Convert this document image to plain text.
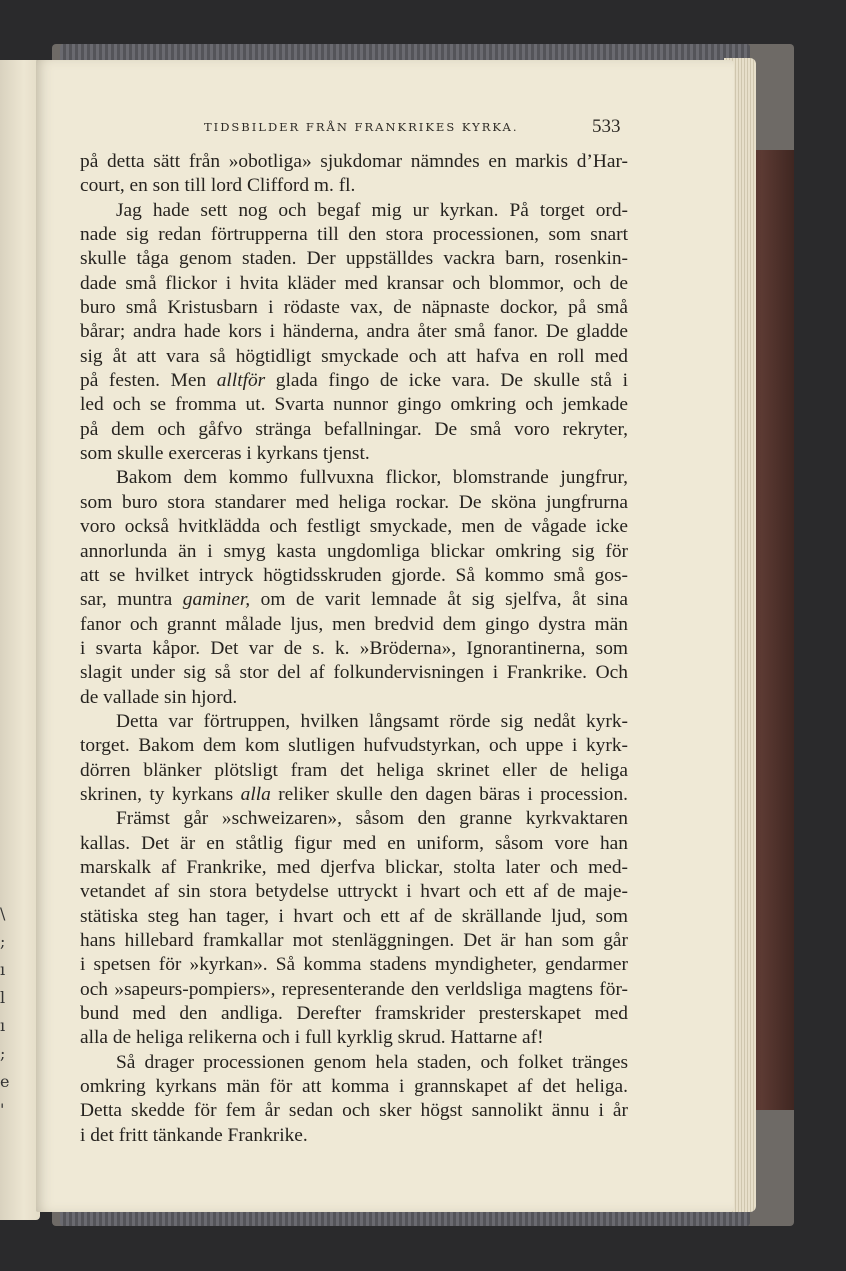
\
;
ı
l
ı
;
e
'
TIDSBILDER FRÅN FRANKRIKES KYRKA.	533
på detta sätt från »obotliga» sjukdomar nämndes en markis d’Har-
court, en son till lord Clifford m. fl.
Jag hade sett nog och begaf mig ur kyrkan. På torget ord-
nade sig redan förtrupperna till den stora processionen, som snart
skulle tåga genom staden. Der uppställdes vackra barn, rosenkin-
dade små flickor i hvita kläder med kransar och blommor, och de
buro små Kristusbarn i rödaste vax, de näpnaste dockor, på små
bårar; andra hade kors i händerna, andra åter små fanor. De gladde
sig åt att vara så högtidligt smyckade och att hafva en roll med
på festen. Men alltför glada fingo de icke vara. De skulle stå i
led och se fromma ut. Svarta nunnor gingo omkring och jemkade
på dem och gåfvo stränga befallningar. De små voro rekryter,
som skulle exerceras i kyrkans tjenst.
Bakom dem kommo fullvuxna flickor, blomstrande jungfrur,
som buro stora standarer med heliga rockar. De sköna jungfrurna
voro också hvitklädda och festligt smyckade, men de vågade icke
annorlunda än i smyg kasta ungdomliga blickar omkring sig för
att se hvilket intryck högtidsskruden gjorde. Så kommo små gos-
sar, muntra gaminer, om de varit lemnade åt sig sjelfva, åt sina
fanor och grannt målade ljus, men bredvid dem gingo dystra män
i svarta kåpor. Det var de s. k. »Bröderna», Ignorantinerna, som
slagit under sig så stor del af folkundervisningen i Frankrike. Och
de vallade sin hjord.
Detta var förtruppen, hvilken långsamt rörde sig nedåt kyrk-
torget. Bakom dem kom slutligen hufvudstyrkan, och uppe i kyrk-
dörren blänker plötsligt fram det heliga skrinet eller de heliga
skrinen, ty kyrkans alla reliker skulle den dagen bäras i procession.
Främst går »schweizaren», såsom den granne kyrkvaktaren
kallas. Det är en ståtlig figur med en uniform, såsom vore han
marskalk af Frankrike, med djerfva blickar, stolta later och med-
vetandet af sin stora betydelse uttryckt i hvart och ett af de maje-
stätiska steg han tager, i hvart och ett af de skrällande ljud, som
hans hillebard framkallar mot stenläggningen. Det är han som går
i spetsen för »kyrkan». Så komma stadens myndigheter, gendarmer
och »sapeurs-pompiers», representerande den verldsliga magtens för-
bund med den andliga. Derefter framskrider presterskapet med
alla de heliga relikerna och i full kyrklig skrud. Hattarne af!
Så drager processionen genom hela staden, och folket tränges
omkring kyrkans män för att komma i grannskapet af det heliga.
Detta skedde för fem år sedan och sker högst sannolikt ännu i år
i det fritt tänkande Frankrike.
